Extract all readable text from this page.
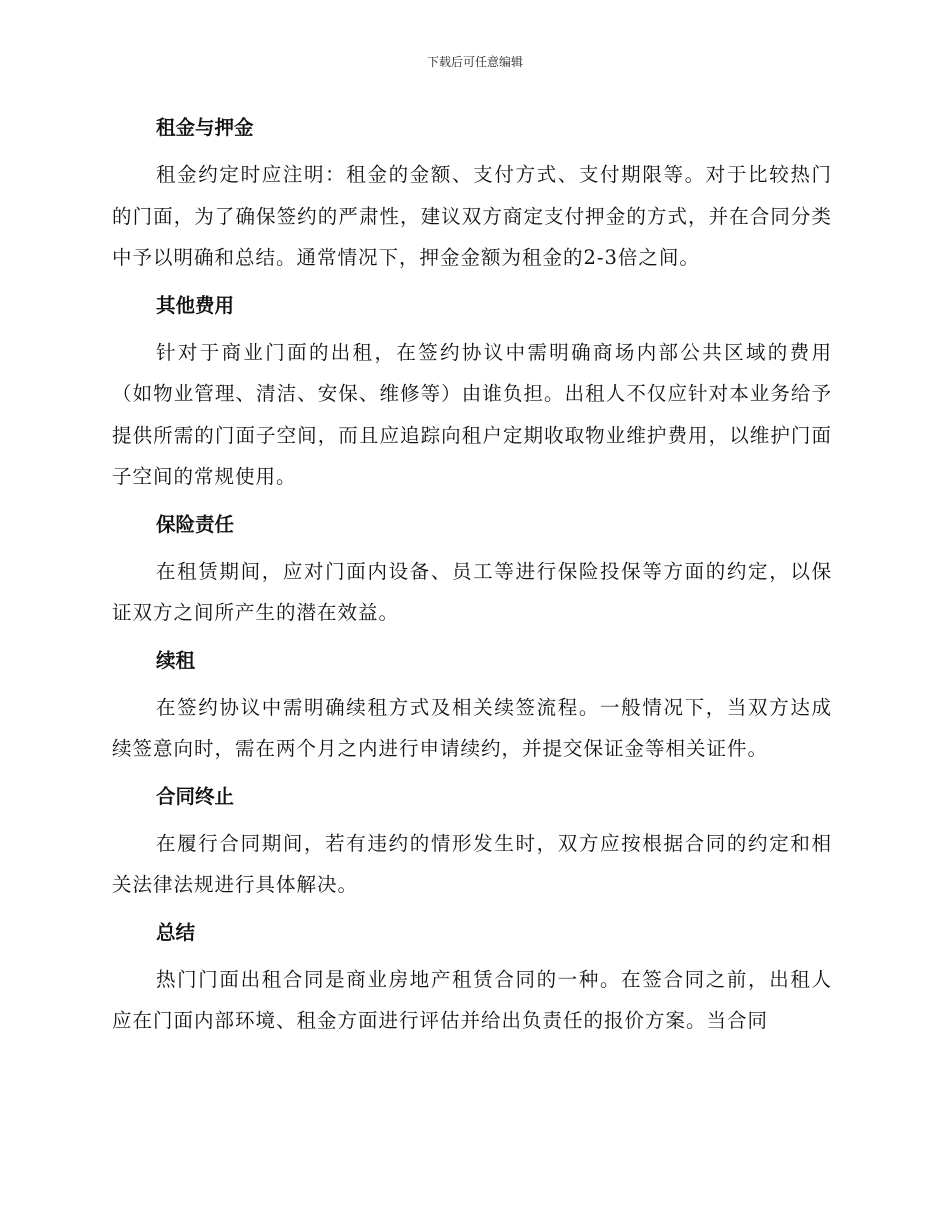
下载后可任意编辑
租金与押金

租金约定时应注明：租金的金额、支付方式、支付期限等。对于比较热门的门面，为了确保签约的严肃性，建议双方商定支付押金的方式，并在合同分类中予以明确和总结。通常情况下，押金金额为租金的2-3倍之间。

其他费用

针对于商业门面的出租，在签约协议中需明确商场内部公共区域的费用（如物业管理、清洁、安保、维修等）由谁负担。出租人不仅应针对本业务给予提供所需的门面子空间，而且应追踪向租户定期收取物业维护费用，以维护门面子空间的常规使用。

保险责任

在租赁期间，应对门面内设备、员工等进行保险投保等方面的约定，以保证双方之间所产生的潜在效益。

续租

在签约协议中需明确续租方式及相关续签流程。一般情况下，当双方达成续签意向时，需在两个月之内进行申请续约，并提交保证金等相关证件。

合同终止

在履行合同期间，若有违约的情形发生时，双方应按根据合同的约定和相关法律法规进行具体解决。

总结

热门门面出租合同是商业房地产租赁合同的一种。在签合同之前，出租人应在门面内部环境、租金方面进行评估并给出负责任的报价方案。当合同
